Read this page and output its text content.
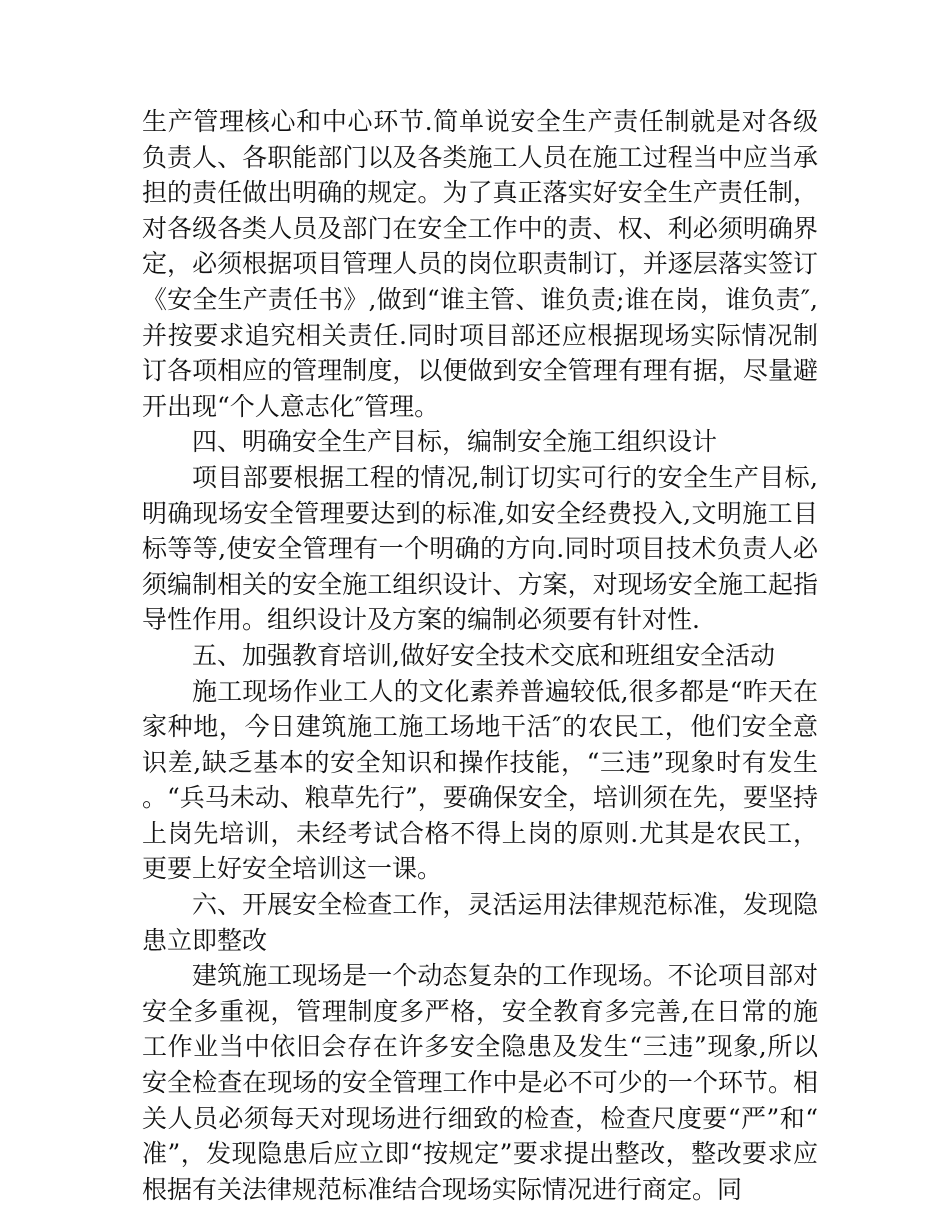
生产管理核心和中心环节.简单说安全生产责任制就是对各级负责人、各职能部门以及各类施工人员在施工过程当中应当承担的责任做出明确的规定。为了真正落实好安全生产责任制，对各级各类人员及部门在安全工作中的责、权、利必须明确界定，必须根据项目管理人员的岗位职责制订，并逐层落实签订《安全生产责任书》,做到“谁主管、谁负责;谁在岗，谁负责″,并按要求追究相关责任.同时项目部还应根据现场实际情况制订各项相应的管理制度，以便做到安全管理有理有据，尽量避开出现“个人意志化″管理。

四、明确安全生产目标，编制安全施工组织设计

项目部要根据工程的情况,制订切实可行的安全生产目标,明确现场安全管理要达到的标准,如安全经费投入,文明施工目标等等,使安全管理有一个明确的方向.同时项目技术负责人必须编制相关的安全施工组织设计、方案，对现场安全施工起指导性作用。组织设计及方案的编制必须要有针对性.

五、加强教育培训,做好安全技术交底和班组安全活动

施工现场作业工人的文化素养普遍较低,很多都是“昨天在家种地，今日建筑施工施工场地干活″的农民工，他们安全意识差,缺乏基本的安全知识和操作技能，“三违”现象时有发生。“兵马未动、粮草先行”，要确保安全，培训须在先，要坚持上岗先培训，未经考试合格不得上岗的原则.尤其是农民工，更要上好安全培训这一课。

六、开展安全检查工作，灵活运用法律规范标准，发现隐患立即整改

建筑施工现场是一个动态复杂的工作现场。不论项目部对安全多重视，管理制度多严格，安全教育多完善,在日常的施工作业当中依旧会存在许多安全隐患及发生“三违”现象,所以安全检查在现场的安全管理工作中是必不可少的一个环节。相关人员必须每天对现场进行细致的检查，检查尺度要“严”和“准”，发现隐患后应立即“按规定”要求提出整改，整改要求应根据有关法律规范标准结合现场实际情况进行商定。同
